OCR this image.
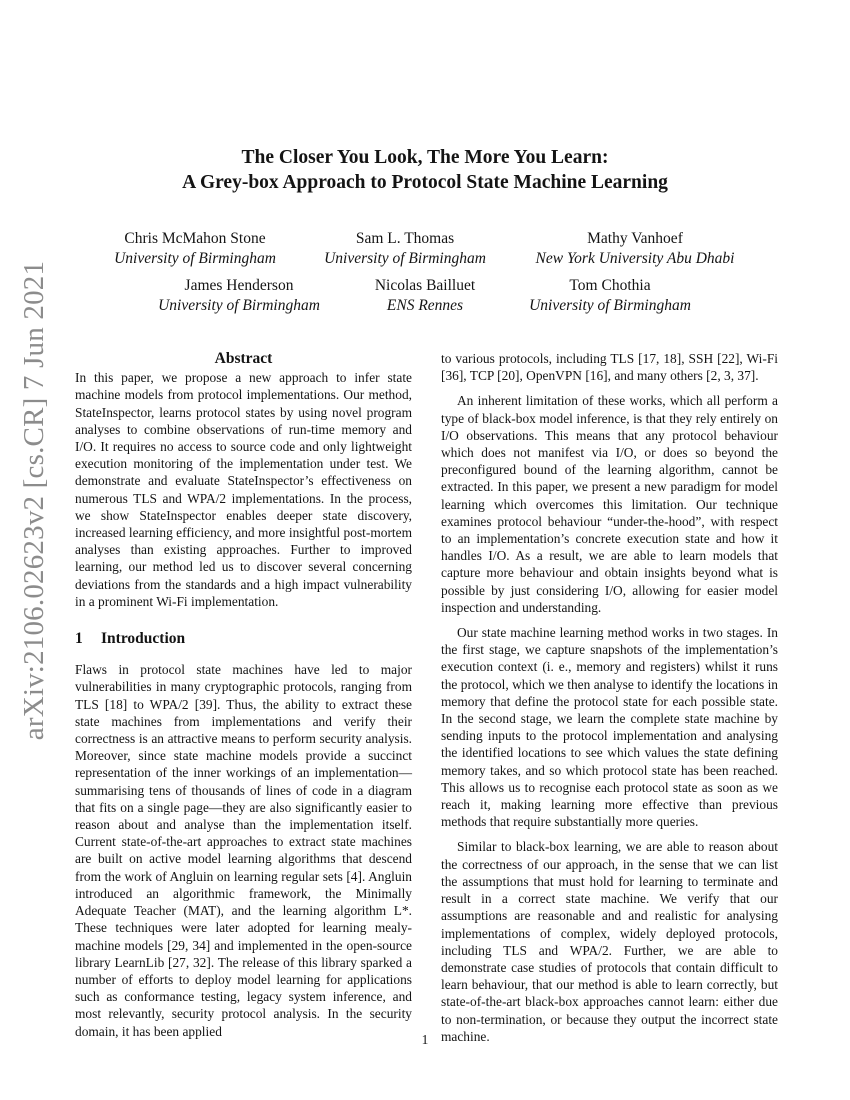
arXiv:2106.02623v2 [cs.CR] 7 Jun 2021
The Closer You Look, The More You Learn:
A Grey-box Approach to Protocol State Machine Learning
Chris McMahon Stone
University of Birmingham
Sam L. Thomas
University of Birmingham
Mathy Vanhoef
New York University Abu Dhabi
James Henderson
University of Birmingham
Nicolas Bailluet
ENS Rennes
Tom Chothia
University of Birmingham
Abstract

In this paper, we propose a new approach to infer state machine models from protocol implementations. Our method, StateInspector, learns protocol states by using novel program analyses to combine observations of run-time memory and I/O. It requires no access to source code and only lightweight execution monitoring of the implementation under test. We demonstrate and evaluate StateInspector’s effectiveness on numerous TLS and WPA/2 implementations. In the process, we show StateInspector enables deeper state discovery, increased learning efficiency, and more insightful post-mortem analyses than existing approaches. Further to improved learning, our method led us to discover several concerning deviations from the standards and a high impact vulnerability in a prominent Wi-Fi implementation.

1 Introduction

Flaws in protocol state machines have led to major vulnerabilities in many cryptographic protocols, ranging from TLS [18] to WPA/2 [39]. Thus, the ability to extract these state machines from implementations and verify their correctness is an attractive means to perform security analysis. Moreover, since state machine models provide a succinct representation of the inner workings of an implementation—summarising tens of thousands of lines of code in a diagram that fits on a single page—they are also significantly easier to reason about and analyse than the implementation itself. Current state-of-the-art approaches to extract state machines are built on active model learning algorithms that descend from the work of Angluin on learning regular sets [4]. Angluin introduced an algorithmic framework, the Minimally Adequate Teacher (MAT), and the learning algorithm L*. These techniques were later adopted for learning mealy-machine models [29, 34] and implemented in the open-source library LearnLib [27, 32]. The release of this library sparked a number of efforts to deploy model learning for applications such as conformance testing, legacy system inference, and most relevantly, security protocol analysis. In the security domain, it has been applied

to various protocols, including TLS [17, 18], SSH [22], Wi-Fi [36], TCP [20], OpenVPN [16], and many others [2, 3, 37].

An inherent limitation of these works, which all perform a type of black-box model inference, is that they rely entirely on I/O observations. This means that any protocol behaviour which does not manifest via I/O, or does so beyond the preconfigured bound of the learning algorithm, cannot be extracted. In this paper, we present a new paradigm for model learning which overcomes this limitation. Our technique examines protocol behaviour “under-the-hood”, with respect to an implementation’s concrete execution state and how it handles I/O. As a result, we are able to learn models that capture more behaviour and obtain insights beyond what is possible by just considering I/O, allowing for easier model inspection and understanding.

Our state machine learning method works in two stages. In the first stage, we capture snapshots of the implementation’s execution context (i. e., memory and registers) whilst it runs the protocol, which we then analyse to identify the locations in memory that define the protocol state for each possible state. In the second stage, we learn the complete state machine by sending inputs to the protocol implementation and analysing the identified locations to see which values the state defining memory takes, and so which protocol state has been reached. This allows us to recognise each protocol state as soon as we reach it, making learning more effective than previous methods that require substantially more queries.

Similar to black-box learning, we are able to reason about the correctness of our approach, in the sense that we can list the assumptions that must hold for learning to terminate and result in a correct state machine. We verify that our assumptions are reasonable and and realistic for analysing implementations of complex, widely deployed protocols, including TLS and WPA/2. Further, we are able to demonstrate case studies of protocols that contain difficult to learn behaviour, that our method is able to learn correctly, but state-of-the-art black-box approaches cannot learn: either due to non-termination, or because they output the incorrect state machine.

1
